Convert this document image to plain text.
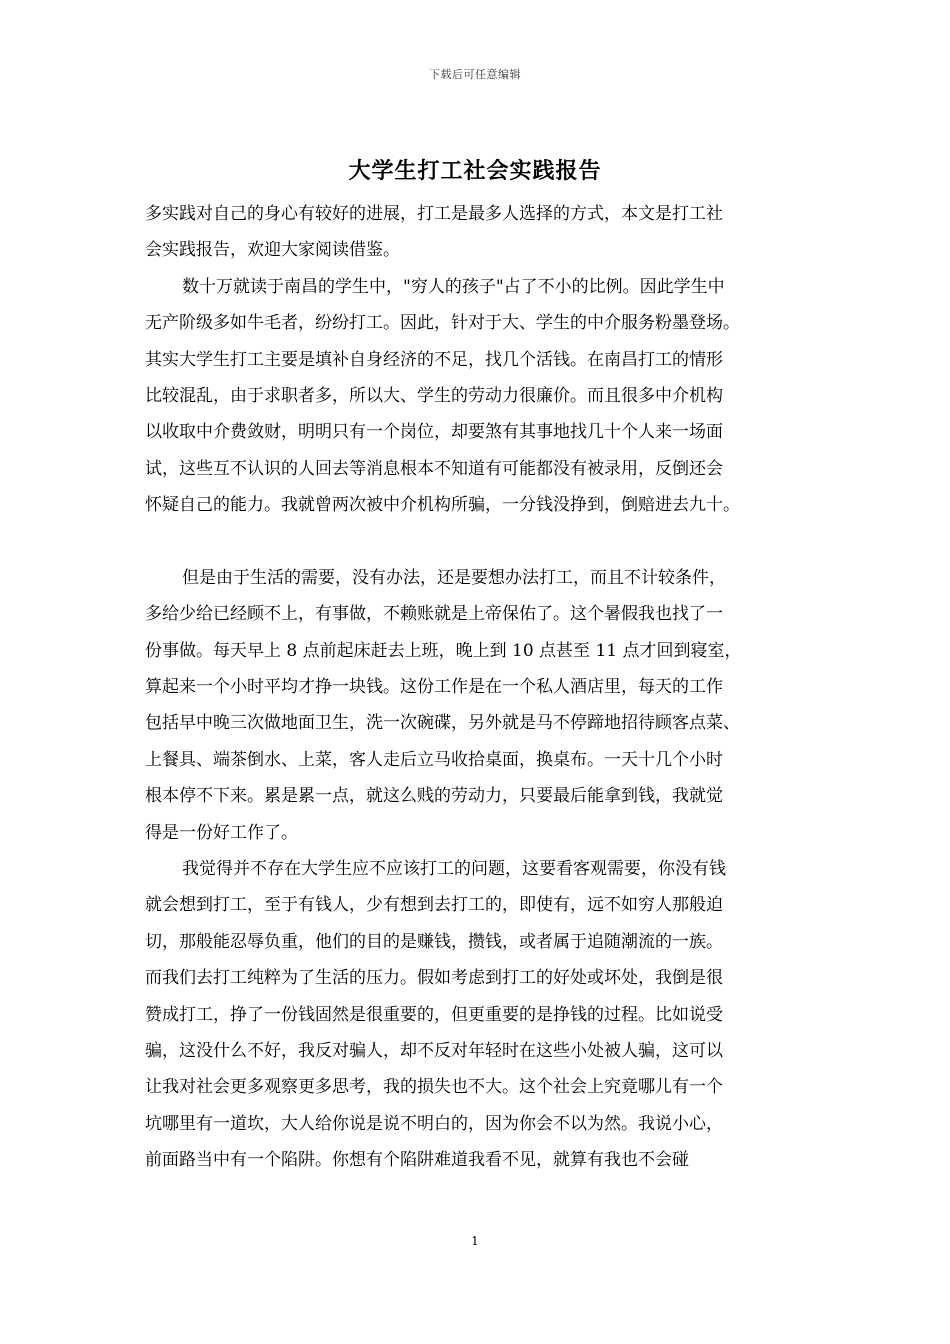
下载后可任意编辑
大学生打工社会实践报告
多实践对自己的身心有较好的进展，打工是最多人选择的方式，本文是打工社
会实践报告，欢迎大家阅读借鉴。
数十万就读于南昌的学生中，"穷人的孩子"占了不小的比例。因此学生中
无产阶级多如牛毛者，纷纷打工。因此，针对于大、学生的中介服务粉墨登场。
其实大学生打工主要是填补自身经济的不足，找几个活钱。在南昌打工的情形
比较混乱，由于求职者多，所以大、学生的劳动力很廉价。而且很多中介机构
以收取中介费敛财，明明只有一个岗位，却要煞有其事地找几十个人来一场面
试，这些互不认识的人回去等消息根本不知道有可能都没有被录用，反倒还会
怀疑自己的能力。我就曾两次被中介机构所骗，一分钱没挣到，倒赔进去九十。
但是由于生活的需要，没有办法，还是要想办法打工，而且不计较条件，
多给少给已经顾不上，有事做，不赖账就是上帝保佑了。这个暑假我也找了一
份事做。每天早上 8 点前起床赶去上班，晚上到 10 点甚至 11 点才回到寝室，
算起来一个小时平均才挣一块钱。这份工作是在一个私人酒店里，每天的工作
包括早中晚三次做地面卫生，洗一次碗碟，另外就是马不停蹄地招待顾客点菜、
上餐具、端茶倒水、上菜，客人走后立马收拾桌面，换桌布。一天十几个小时
根本停不下来。累是累一点，就这么贱的劳动力，只要最后能拿到钱，我就觉
得是一份好工作了。
我觉得并不存在大学生应不应该打工的问题，这要看客观需要，你没有钱
就会想到打工，至于有钱人，少有想到去打工的，即使有，远不如穷人那般迫
切，那般能忍辱负重，他们的目的是赚钱，攒钱，或者属于追随潮流的一族。
而我们去打工纯粹为了生活的压力。假如考虑到打工的好处或坏处，我倒是很
赞成打工，挣了一份钱固然是很重要的，但更重要的是挣钱的过程。比如说受
骗，这没什么不好，我反对骗人，却不反对年轻时在这些小处被人骗，这可以
让我对社会更多观察更多思考，我的损失也不大。这个社会上究竟哪儿有一个
坑哪里有一道坎，大人给你说是说不明白的，因为你会不以为然。我说小心，
前面路当中有一个陷阱。你想有个陷阱难道我看不见，就算有我也不会碰
1
